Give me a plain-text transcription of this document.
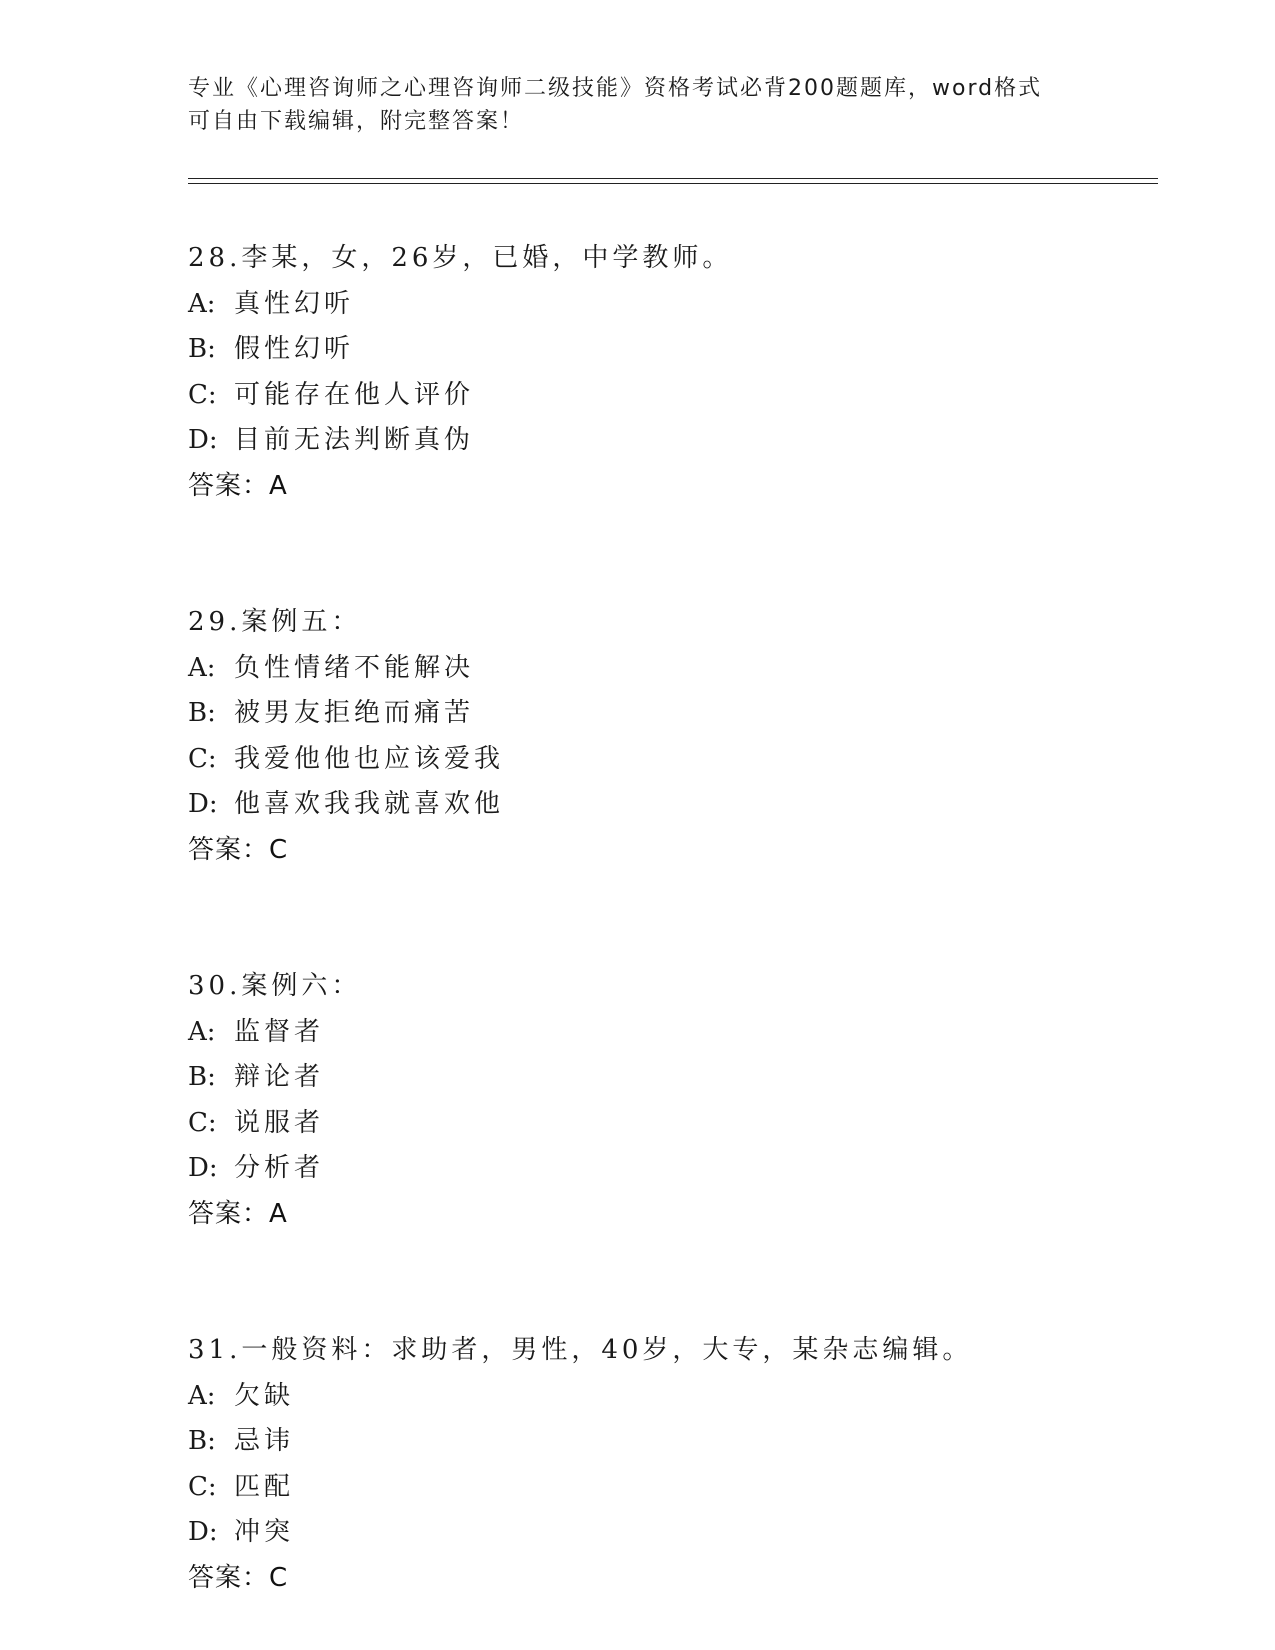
专业《心理咨询师之心理咨询师二级技能》资格考试必背200题题库，word格式
可自由下载编辑，附完整答案！
28.李某，女，26岁，已婚，中学教师。
A: 真性幻听
B: 假性幻听
C: 可能存在他人评价
D: 目前无法判断真伪
答案：A
29.案例五：
A: 负性情绪不能解决
B: 被男友拒绝而痛苦
C: 我爱他他也应该爱我
D: 他喜欢我我就喜欢他
答案：C
30.案例六：
A: 监督者
B: 辩论者
C: 说服者
D: 分析者
答案：A
31.一般资料：求助者，男性，40岁，大专，某杂志编辑。
A: 欠缺
B: 忌讳
C: 匹配
D: 冲突
答案：C
